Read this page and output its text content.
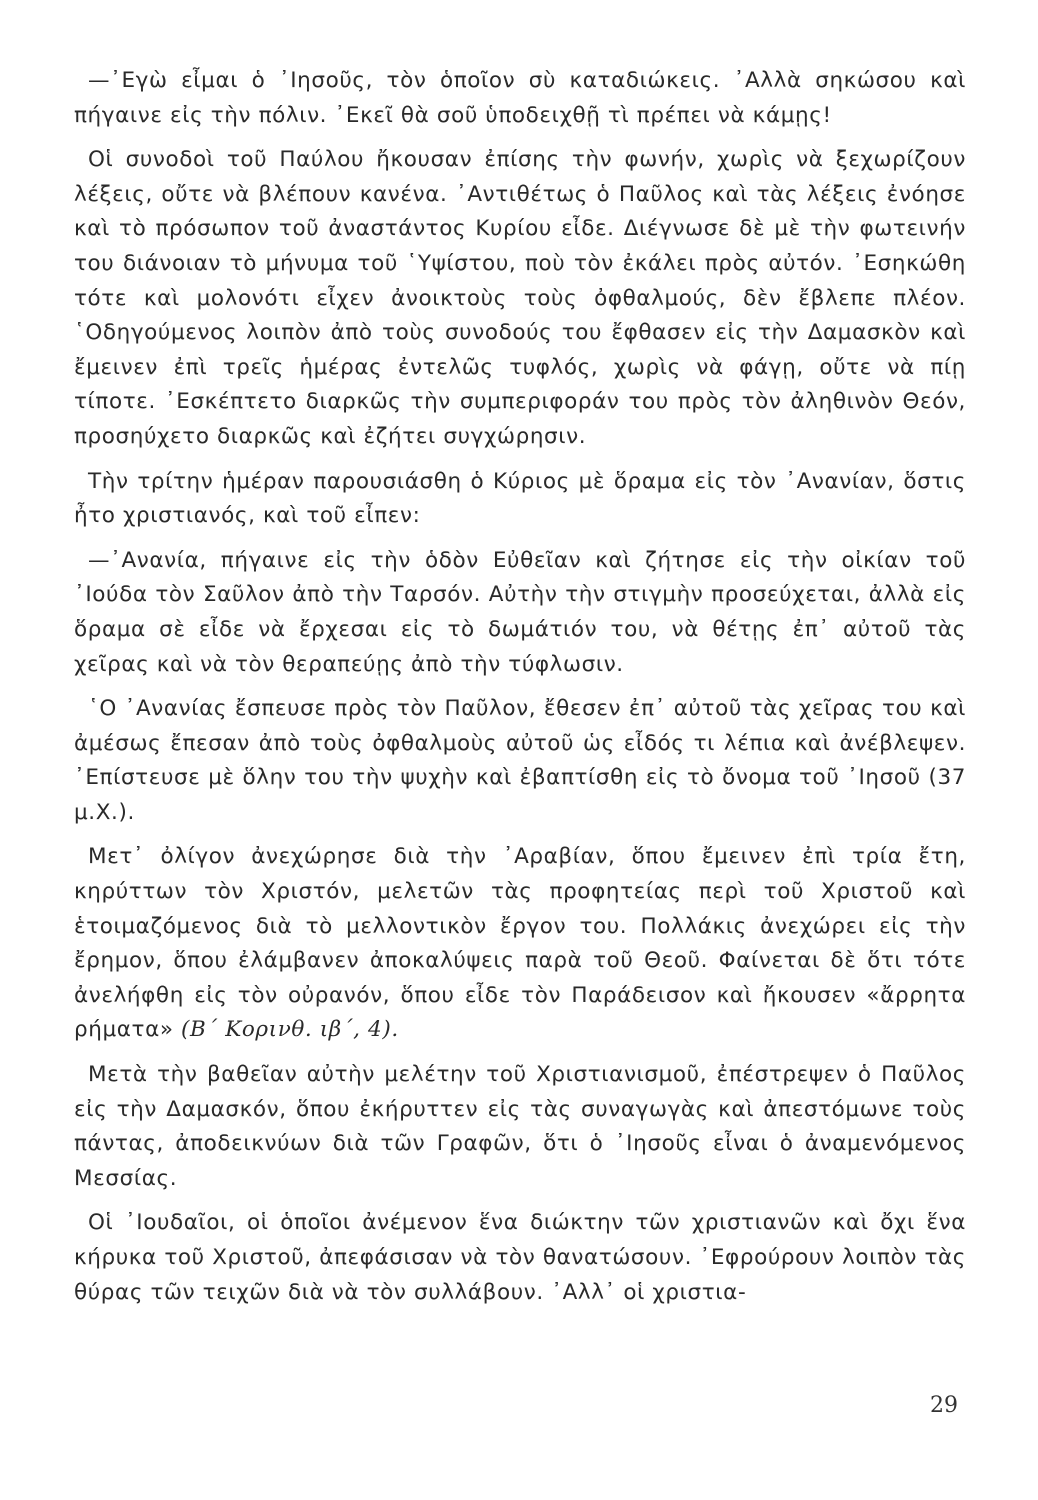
—᾿Εγὼ εἶμαι ὁ ᾿Ιησοῦς, τὸν ὁποῖον σὺ καταδιώκεις. ᾿Αλλὰ σηκώσου καὶ πήγαινε εἰς τὴν πόλιν. ᾿Εκεῖ θὰ σοῦ ὑποδειχθῇ τὶ πρέπει νὰ κάμῃς!

Οἱ συνοδοὶ τοῦ Παύλου ἤκουσαν ἐπίσης τὴν φωνήν, χωρὶς νὰ ξεχωρίζουν λέξεις, οὔτε νὰ βλέπουν κανένα. ᾿Αντιθέτως ὁ Παῦλος καὶ τὰς λέξεις ἐνόησε καὶ τὸ πρόσωπον τοῦ ἀναστάντος Κυρίου εἶδε. Διέγνωσε δὲ μὲ τὴν φωτεινήν του διάνοιαν τὸ μήνυμα τοῦ ῾Υψίστου, ποὺ τὸν ἐκάλει πρὸς αὐτόν. ᾿Εσηκώθη τότε καὶ μολονότι εἶχεν ἀνοικτοὺς τοὺς ὀφθαλμούς, δὲν ἔβλεπε πλέον. ῾Οδηγούμενος λοιπὸν ἀπὸ τοὺς συνοδούς του ἔφθασεν εἰς τὴν Δαμασκὸν καὶ ἔμεινεν ἐπὶ τρεῖς ἡμέρας ἐντελῶς τυφλός, χωρὶς νὰ φάγῃ, οὔτε νὰ πίῃ τίποτε. ᾿Εσκέπτετο διαρκῶς τὴν συμπεριφοράν του πρὸς τὸν ἀληθινὸν Θεόν, προσηύχετο διαρκῶς καὶ ἐζήτει συγχώρησιν.

Τὴν τρίτην ἡμέραν παρουσιάσθη ὁ Κύριος μὲ ὅραμα εἰς τὸν ᾿Ανανίαν, ὅστις ἦτο χριστιανός, καὶ τοῦ εἶπεν:

—᾿Ανανία, πήγαινε εἰς τὴν ὁδὸν Εὐθεῖαν καὶ ζήτησε εἰς τὴν οἰκίαν τοῦ ᾿Ιούδα τὸν Σαῦλον ἀπὸ τὴν Ταρσόν. Αὐτὴν τὴν στιγμὴν προσεύχεται, ἀλλὰ εἰς ὅραμα σὲ εἶδε νὰ ἔρχεσαι εἰς τὸ δωμάτιόν του, νὰ θέτῃς ἐπ᾿ αὐτοῦ τὰς χεῖρας καὶ νὰ τὸν θεραπεύῃς ἀπὸ τὴν τύφλωσιν.

῾Ο ᾿Ανανίας ἔσπευσε πρὸς τὸν Παῦλον, ἔθεσεν ἐπ᾿ αὐτοῦ τὰς χεῖρας του καὶ ἀμέσως ἔπεσαν ἀπὸ τοὺς ὀφθαλμοὺς αὐτοῦ ὡς εἶδός τι λέπια καὶ ἀνέβλεψεν. ᾿Επίστευσε μὲ ὅλην του τὴν ψυχὴν καὶ ἐβαπτίσθη εἰς τὸ ὄνομα τοῦ ᾿Ιησοῦ (37 μ.Χ.).

Μετ᾿ ὀλίγον ἀνεχώρησε διὰ τὴν ᾿Αραβίαν, ὅπου ἔμεινεν ἐπὶ τρία ἔτη, κηρύττων τὸν Χριστόν, μελετῶν τὰς προφητείας περὶ τοῦ Χριστοῦ καὶ ἑτοιμαζόμενος διὰ τὸ μελλοντικὸν ἔργον του. Πολλάκις ἀνεχώρει εἰς τὴν ἔρημον, ὅπου ἐλάμβανεν ἀποκαλύψεις παρὰ τοῦ Θεοῦ. Φαίνεται δὲ ὅτι τότε ἀνελήφθη εἰς τὸν οὐρανόν, ὅπου εἶδε τὸν Παράδεισον καὶ ἤκουσεν «ἄρρητα ρήματα» (Β΄ Κορινθ. ιβ΄, 4).

Μετὰ τὴν βαθεῖαν αὐτὴν μελέτην τοῦ Χριστιανισμοῦ, ἐπέστρεψεν ὁ Παῦλος εἰς τὴν Δαμασκόν, ὅπου ἐκήρυττεν εἰς τὰς συναγωγὰς καὶ ἀπεστόμωνε τοὺς πάντας, ἀποδεικνύων διὰ τῶν Γραφῶν, ὅτι ὁ ᾿Ιησοῦς εἶναι ὁ ἀναμενόμενος Μεσσίας.

Οἱ ᾿Ιουδαῖοι, οἱ ὁποῖοι ἀνέμενον ἕνα διώκτην τῶν χριστιανῶν καὶ ὄχι ἕνα κήρυκα τοῦ Χριστοῦ, ἀπεφάσισαν νὰ τὸν θανατώσουν. ᾿Εφρούρουν λοιπὸν τὰς θύρας τῶν τειχῶν διὰ νὰ τὸν συλλάβουν. ᾿Αλλ᾿ οἱ χριστια-

29
